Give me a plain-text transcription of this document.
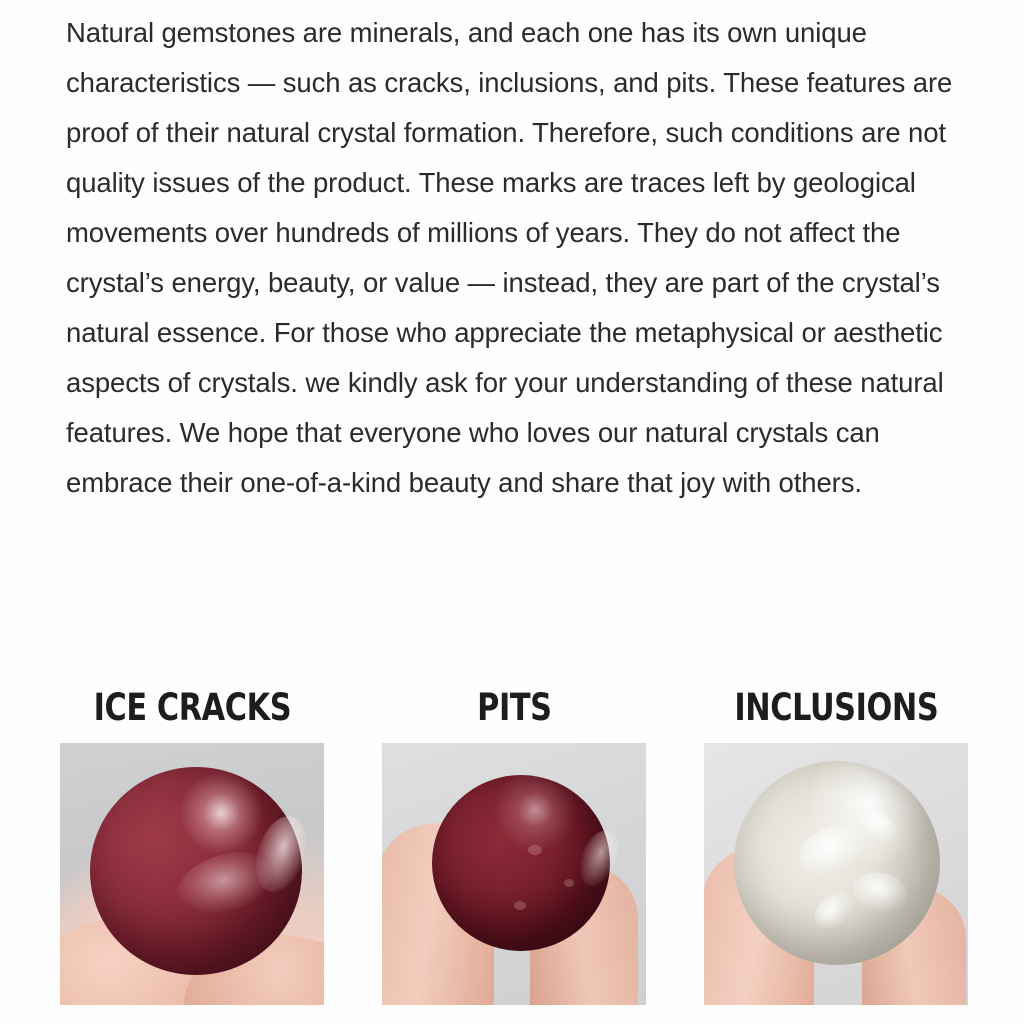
Natural gemstones are minerals, and each one has its own unique characteristics — such as cracks, inclusions, and pits. These features are proof of their natural crystal formation. Therefore, such conditions are not quality issues of the product. These marks are traces left by geological movements over hundreds of millions of years. They do not affect the crystal’s energy, beauty, or value — instead, they are part of the crystal’s natural essence. For those who appreciate the metaphysical or aesthetic aspects of crystals. we kindly ask for your understanding of these natural features. We hope that everyone who loves our natural crystals can embrace their one-of-a-kind beauty and share that joy with others.
ICE CRACKS	PITS	INCLUSIONS
